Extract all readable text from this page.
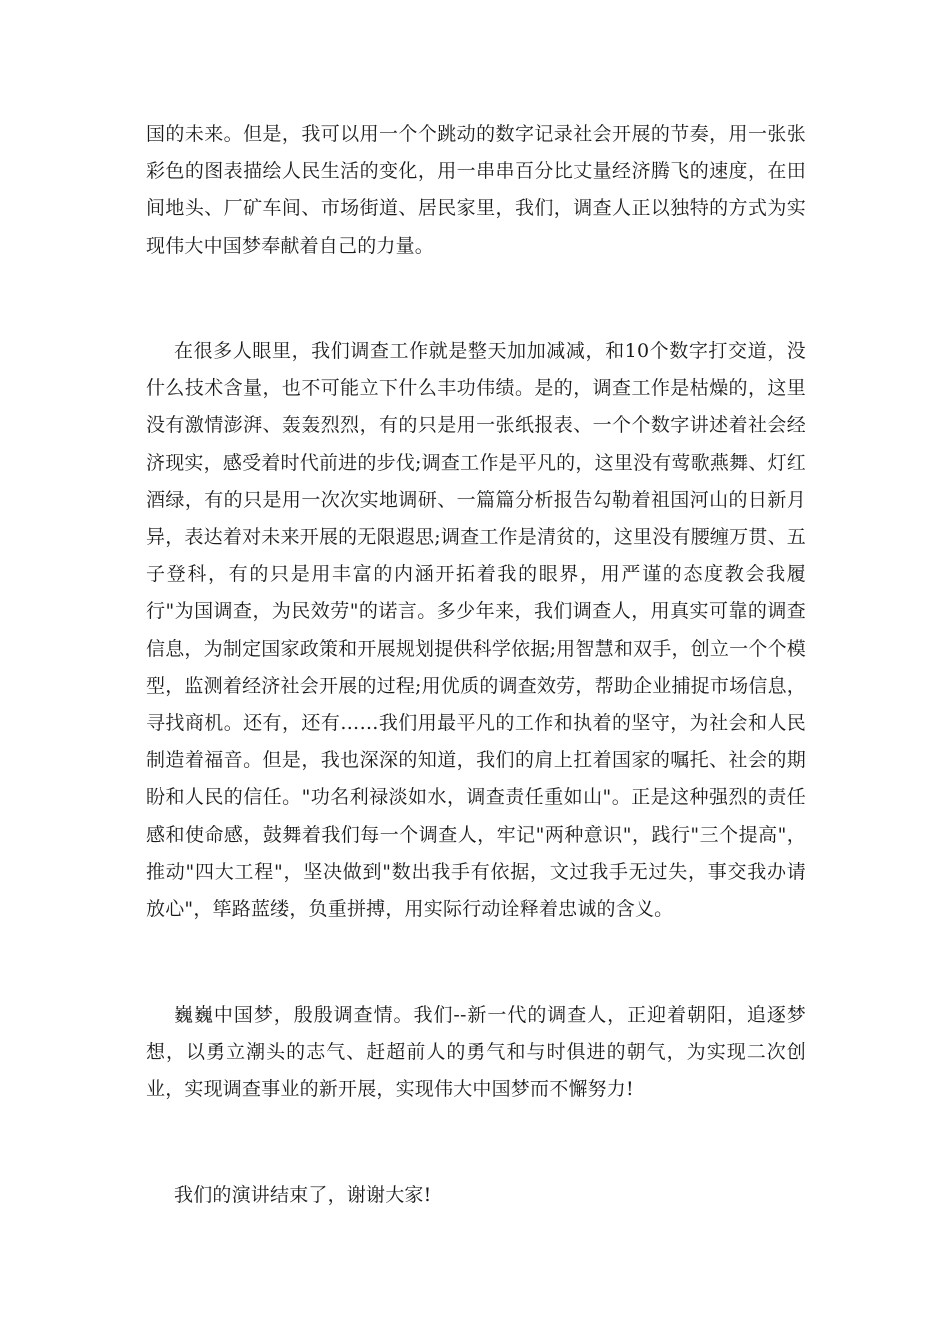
国的未来。但是，我可以用一个个跳动的数字记录社会开展的节奏，用一张张彩色的图表描绘人民生活的变化，用一串串百分比丈量经济腾飞的速度，在田间地头、厂矿车间、市场街道、居民家里，我们，调查人正以独特的方式为实现伟大中国梦奉献着自己的力量。

在很多人眼里，我们调查工作就是整天加加减减，和10个数字打交道，没什么技术含量，也不可能立下什么丰功伟绩。是的，调查工作是枯燥的，这里没有激情澎湃、轰轰烈烈，有的只是用一张纸报表、一个个数字讲述着社会经济现实，感受着时代前进的步伐;调查工作是平凡的，这里没有莺歌燕舞、灯红酒绿，有的只是用一次次实地调研、一篇篇分析报告勾勒着祖国河山的日新月异，表达着对未来开展的无限遐思;调查工作是清贫的，这里没有腰缠万贯、五子登科，有的只是用丰富的内涵开拓着我的眼界，用严谨的态度教会我履行"为国调查，为民效劳"的诺言。多少年来，我们调查人，用真实可靠的调查信息，为制定国家政策和开展规划提供科学依据;用智慧和双手，创立一个个模型，监测着经济社会开展的过程;用优质的调查效劳，帮助企业捕捉市场信息，寻找商机。还有，还有……我们用最平凡的工作和执着的坚守，为社会和人民制造着福音。但是，我也深深的知道，我们的肩上扛着国家的嘱托、社会的期盼和人民的信任。"功名利禄淡如水，调查责任重如山"。正是这种强烈的责任感和使命感，鼓舞着我们每一个调查人，牢记"两种意识"，践行"三个提高"，推动"四大工程"，坚决做到"数出我手有依据，文过我手无过失，事交我办请放心"，筚路蓝缕，负重拼搏，用实际行动诠释着忠诚的含义。

巍巍中国梦，殷殷调查情。我们--新一代的调查人，正迎着朝阳，追逐梦想，以勇立潮头的志气、赶超前人的勇气和与时俱进的朝气，为实现二次创业，实现调查事业的新开展，实现伟大中国梦而不懈努力!

我们的演讲结束了，谢谢大家!
